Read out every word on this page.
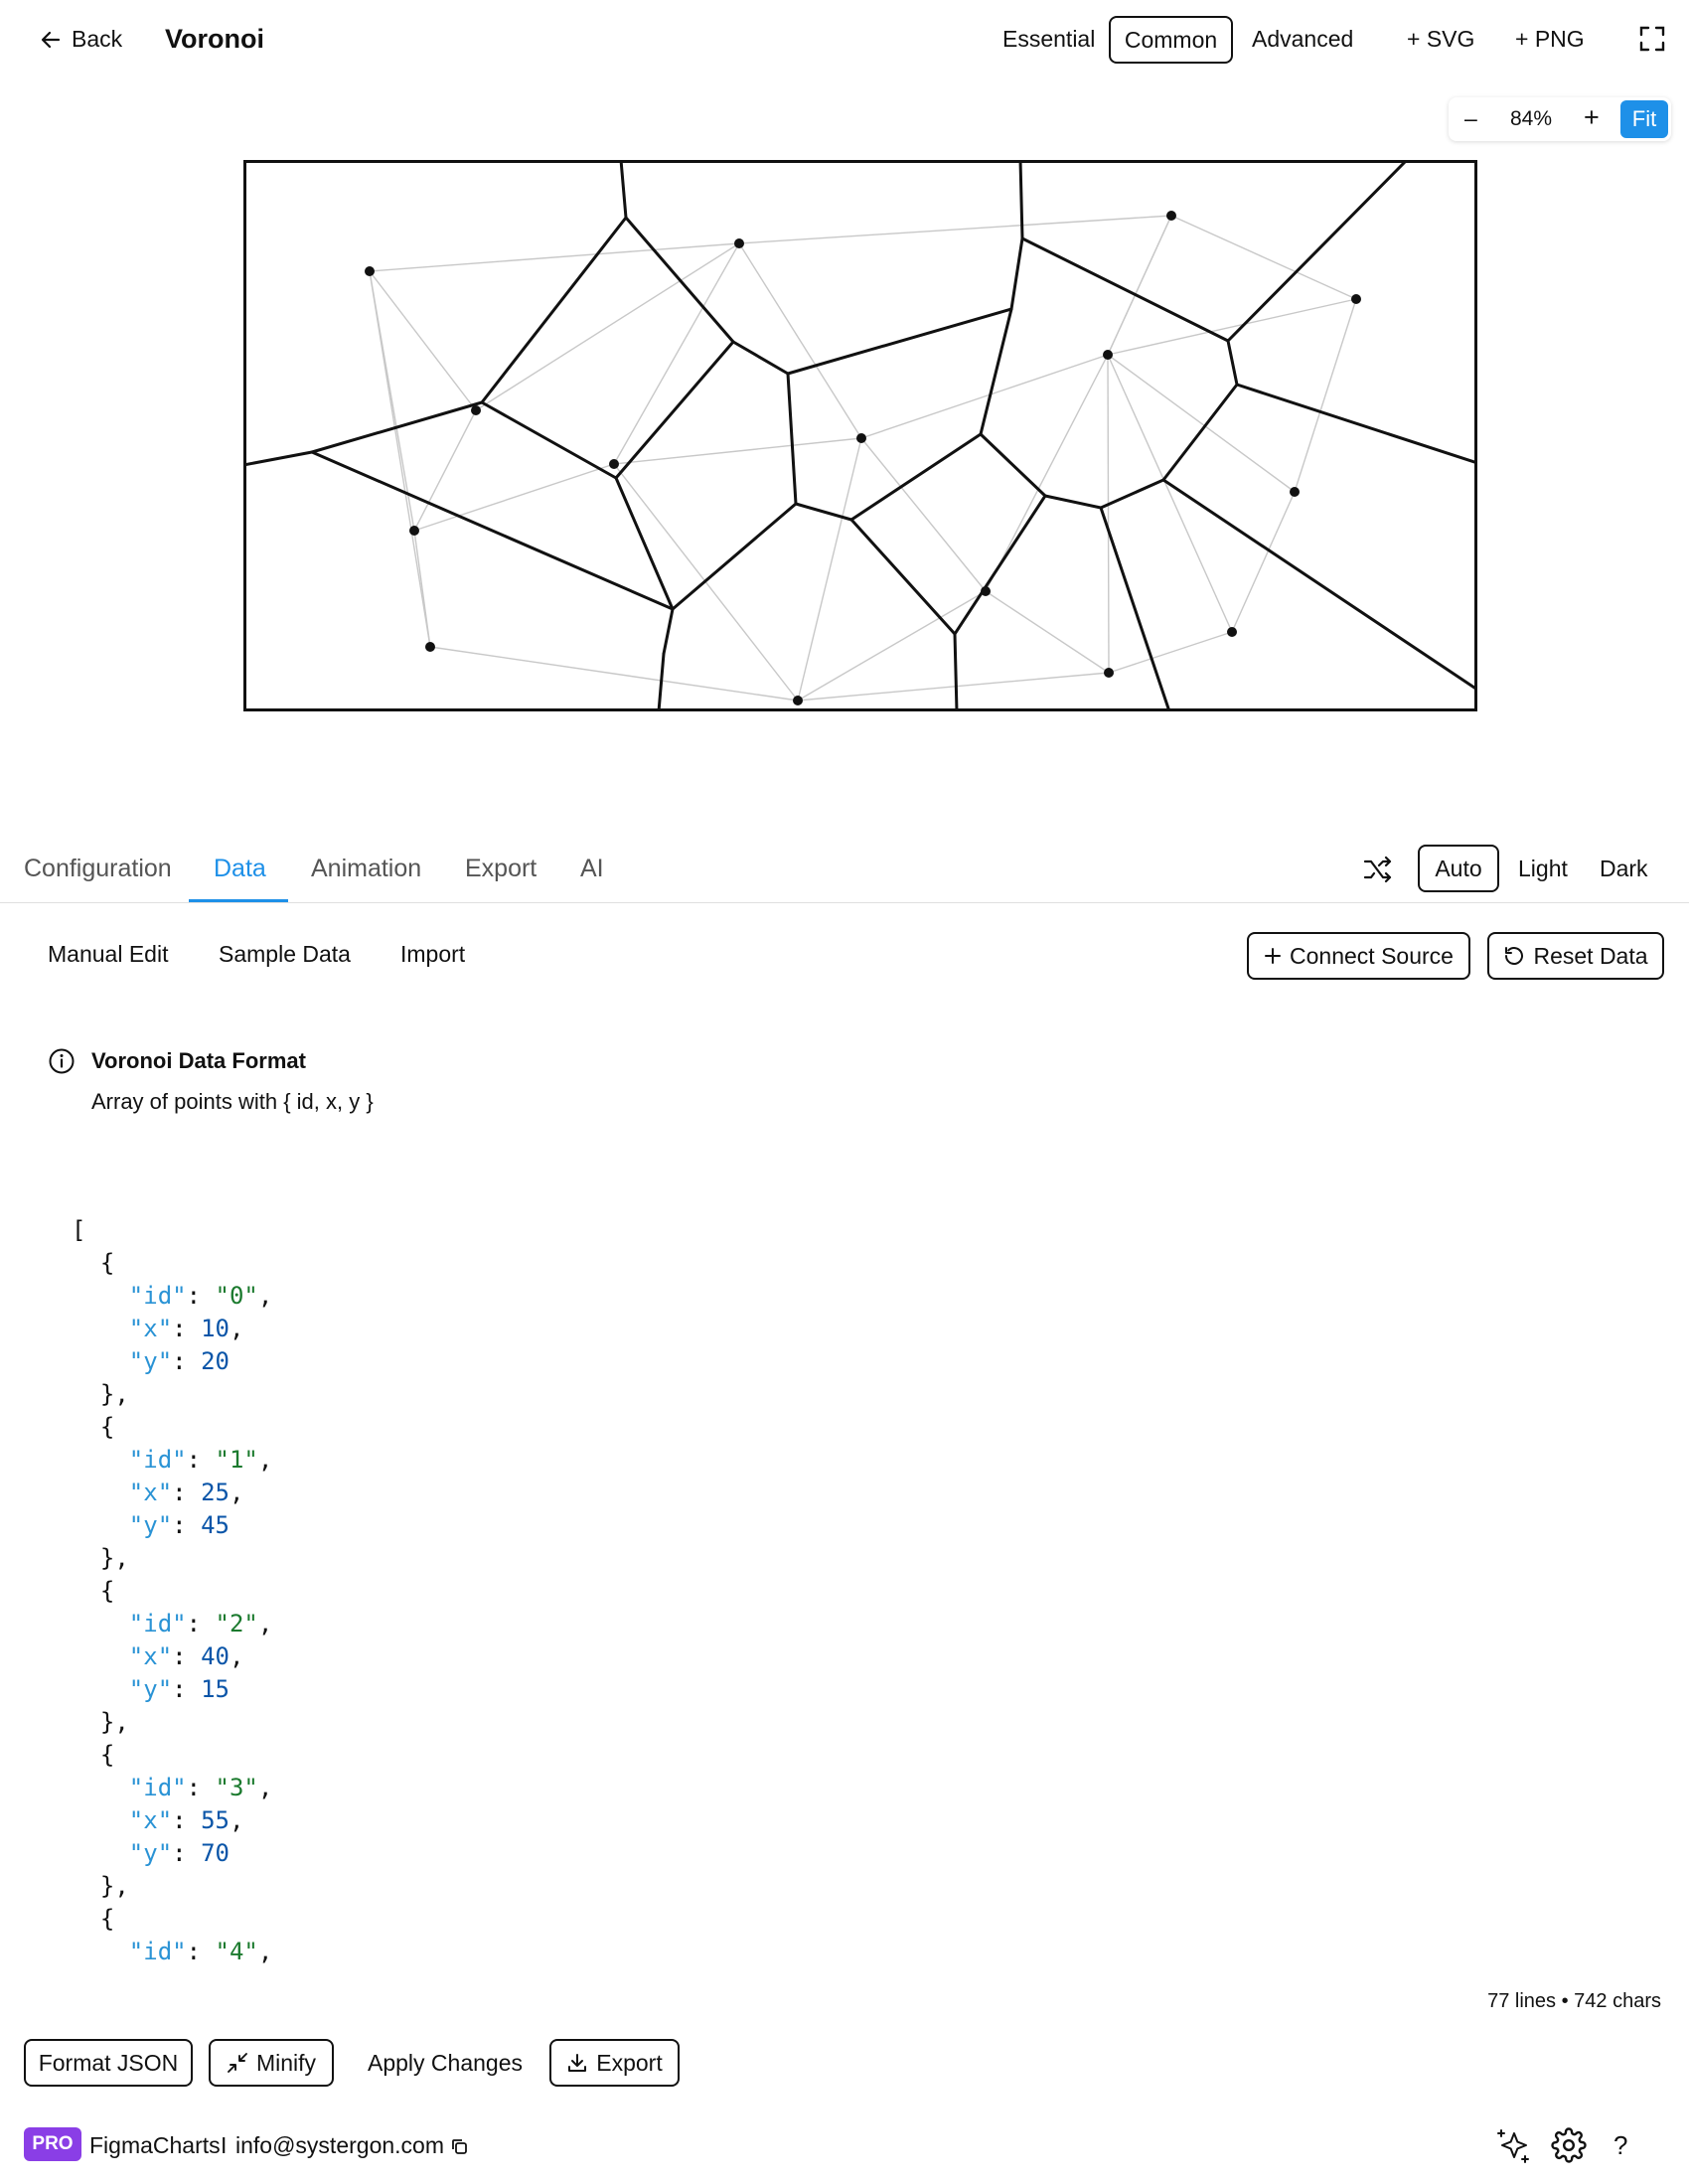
Back Voronoi	Essential Common Advanced + SVG + PNG
– 84% +	Fit
Configuration Data Animation Export AI	Auto Light Dark
Manual Edit Sample Data Import	Connect Source	Reset Data
Voronoi Data Format
Array of points with { id, x, y }
[
{
"id": "0",
"x": 10,
"y": 20
},
{
"id": "1",
"x": 25,
"y": 45
},
{
"id": "2",
"x": 40,
"y": 15
},
{
"id": "3",
"x": 55,
"y": 70
},
{
"id": "4",
77 lines • 742 chars
Format JSON	Minify Apply Changes	Export
PRO FigmaCharts I info@systergon.com	?
